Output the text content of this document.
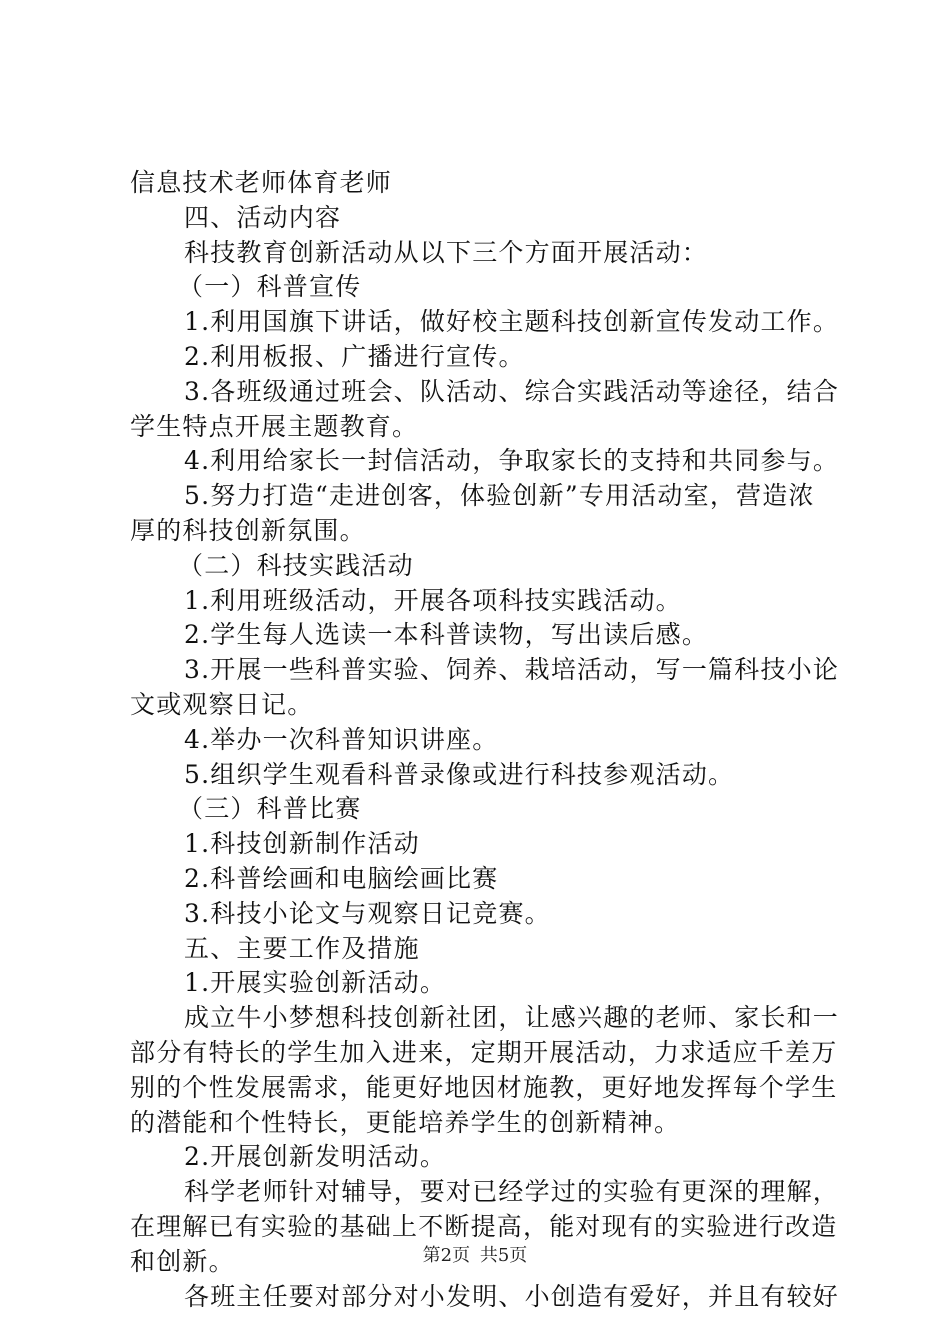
信息技术老师体育老师
四、活动内容
科技教育创新活动从以下三个方面开展活动：
（一）科普宣传
1.利用国旗下讲话，做好校主题科技创新宣传发动工作。
2.利用板报、广播进行宣传。
3.各班级通过班会、队活动、综合实践活动等途径，结合
学生特点开展主题教育。
4.利用给家长一封信活动，争取家长的支持和共同参与。
5.努力打造“走进创客，体验创新”专用活动室，营造浓
厚的科技创新氛围。
（二）科技实践活动
1.利用班级活动，开展各项科技实践活动。
2.学生每人选读一本科普读物，写出读后感。
3.开展一些科普实验、饲养、栽培活动，写一篇科技小论
文或观察日记。
4.举办一次科普知识讲座。
5.组织学生观看科普录像或进行科技参观活动。
（三）科普比赛
1.科技创新制作活动
2.科普绘画和电脑绘画比赛
3.科技小论文与观察日记竞赛。
五、主要工作及措施
1.开展实验创新活动。
成立牛小梦想科技创新社团，让感兴趣的老师、家长和一
部分有特长的学生加入进来，定期开展活动，力求适应千差万
别的个性发展需求，能更好地因材施教，更好地发挥每个学生
的潜能和个性特长，更能培养学生的创新精神。
2.开展创新发明活动。
科学老师针对辅导，要对已经学过的实验有更深的理解，
在理解已有实验的基础上不断提高，能对现有的实验进行改造
和创新。
各班主任要对部分对小发明、小创造有爱好，并且有较好
第2页 共5页
